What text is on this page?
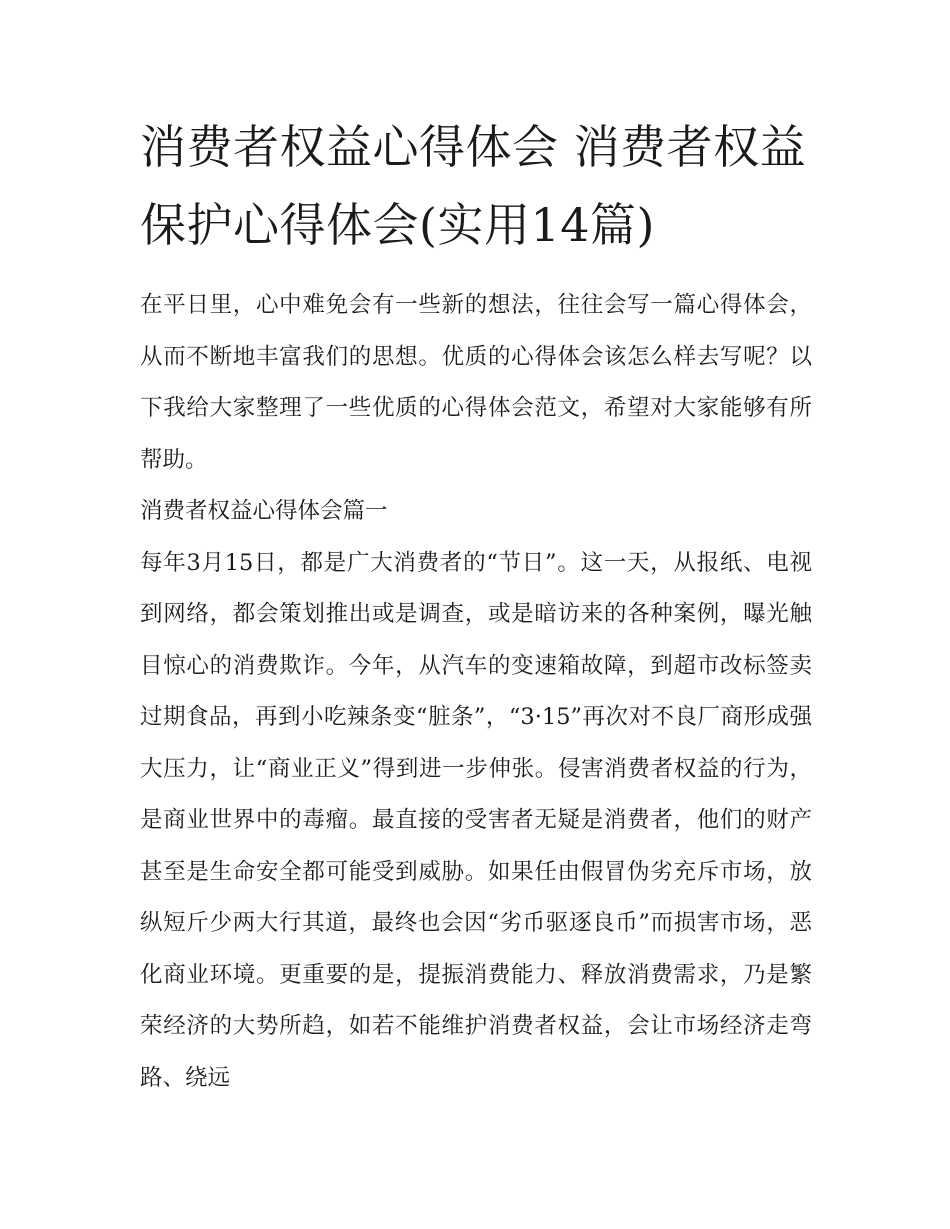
消费者权益心得体会 消费者权益保护心得体会(实用14篇)

在平日里，心中难免会有一些新的想法，往往会写一篇心得体会，从而不断地丰富我们的思想。优质的心得体会该怎么样去写呢？以下我给大家整理了一些优质的心得体会范文，希望对大家能够有所帮助。

消费者权益心得体会篇一

每年3月15日，都是广大消费者的“节日”。这一天，从报纸、电视到网络，都会策划推出或是调查，或是暗访来的各种案例，曝光触目惊心的消费欺诈。今年，从汽车的变速箱故障，到超市改标签卖过期食品，再到小吃辣条变“脏条”，“3·15”再次对不良厂商形成强大压力，让“商业正义”得到进一步伸张。侵害消费者权益的行为，是商业世界中的毒瘤。最直接的受害者无疑是消费者，他们的财产甚至是生命安全都可能受到威胁。如果任由假冒伪劣充斥市场，放纵短斤少两大行其道，最终也会因“劣币驱逐良币”而损害市场，恶化商业环境。更重要的是，提振消费能力、释放消费需求，乃是繁荣经济的大势所趋，如若不能维护消费者权益，会让市场经济走弯路、绕远
